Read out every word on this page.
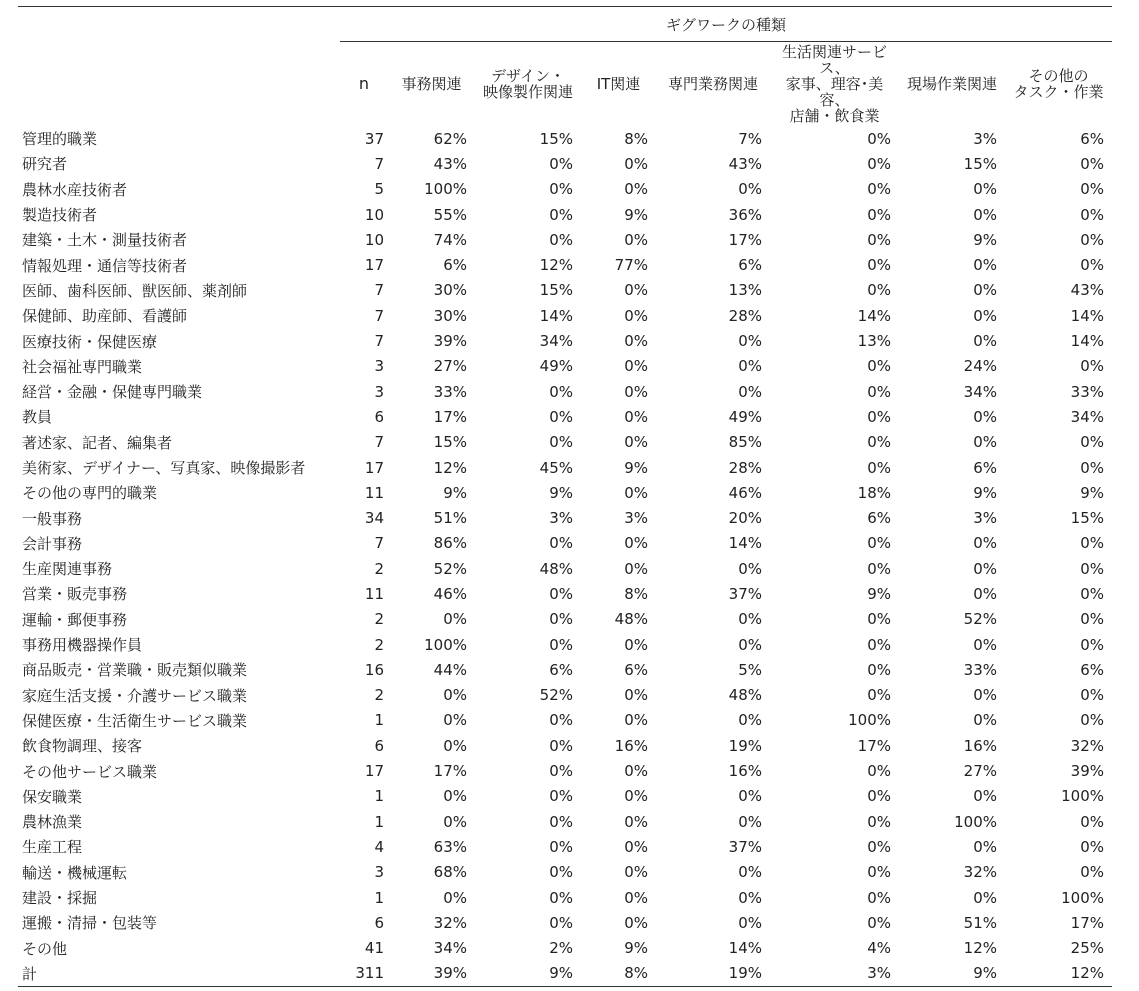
	ギグワークの種類							
	n	事務関連	デザイン・
映像製作関連	IT関連	専門業務関連	生活関連サービス、
家事、理容･美容、
店舗・飲食業	現場作業関連	その他の
タスク・作業
管理的職業	37	62%	15%	8%	7%	0%	3%	6%
研究者	7	43%	0%	0%	43%	0%	15%	0%
農林水産技術者	5	100%	0%	0%	0%	0%	0%	0%
製造技術者	10	55%	0%	9%	36%	0%	0%	0%
建築・土木・測量技術者	10	74%	0%	0%	17%	0%	9%	0%
情報処理・通信等技術者	17	6%	12%	77%	6%	0%	0%	0%
医師、歯科医師、獣医師、薬剤師	7	30%	15%	0%	13%	0%	0%	43%
保健師、助産師、看護師	7	30%	14%	0%	28%	14%	0%	14%
医療技術・保健医療	7	39%	34%	0%	0%	13%	0%	14%
社会福祉専門職業	3	27%	49%	0%	0%	0%	24%	0%
経営・金融・保健専門職業	3	33%	0%	0%	0%	0%	34%	33%
教員	6	17%	0%	0%	49%	0%	0%	34%
著述家、記者、編集者	7	15%	0%	0%	85%	0%	0%	0%
美術家、デザイナー、写真家、映像撮影者	17	12%	45%	9%	28%	0%	6%	0%
その他の専門的職業	11	9%	9%	0%	46%	18%	9%	9%
一般事務	34	51%	3%	3%	20%	6%	3%	15%
会計事務	7	86%	0%	0%	14%	0%	0%	0%
生産関連事務	2	52%	48%	0%	0%	0%	0%	0%
営業・販売事務	11	46%	0%	8%	37%	9%	0%	0%
運輸・郵便事務	2	0%	0%	48%	0%	0%	52%	0%
事務用機器操作員	2	100%	0%	0%	0%	0%	0%	0%
商品販売・営業職・販売類似職業	16	44%	6%	6%	5%	0%	33%	6%
家庭生活支援・介護サービス職業	2	0%	52%	0%	48%	0%	0%	0%
保健医療・生活衛生サービス職業	1	0%	0%	0%	0%	100%	0%	0%
飲食物調理、接客	6	0%	0%	16%	19%	17%	16%	32%
その他サービス職業	17	17%	0%	0%	16%	0%	27%	39%
保安職業	1	0%	0%	0%	0%	0%	0%	100%
農林漁業	1	0%	0%	0%	0%	0%	100%	0%
生産工程	4	63%	0%	0%	37%	0%	0%	0%
輸送・機械運転	3	68%	0%	0%	0%	0%	32%	0%
建設・採掘	1	0%	0%	0%	0%	0%	0%	100%
運搬・清掃・包装等	6	32%	0%	0%	0%	0%	51%	17%
その他	41	34%	2%	9%	14%	4%	12%	25%
計	311	39%	9%	8%	19%	3%	9%	12%
